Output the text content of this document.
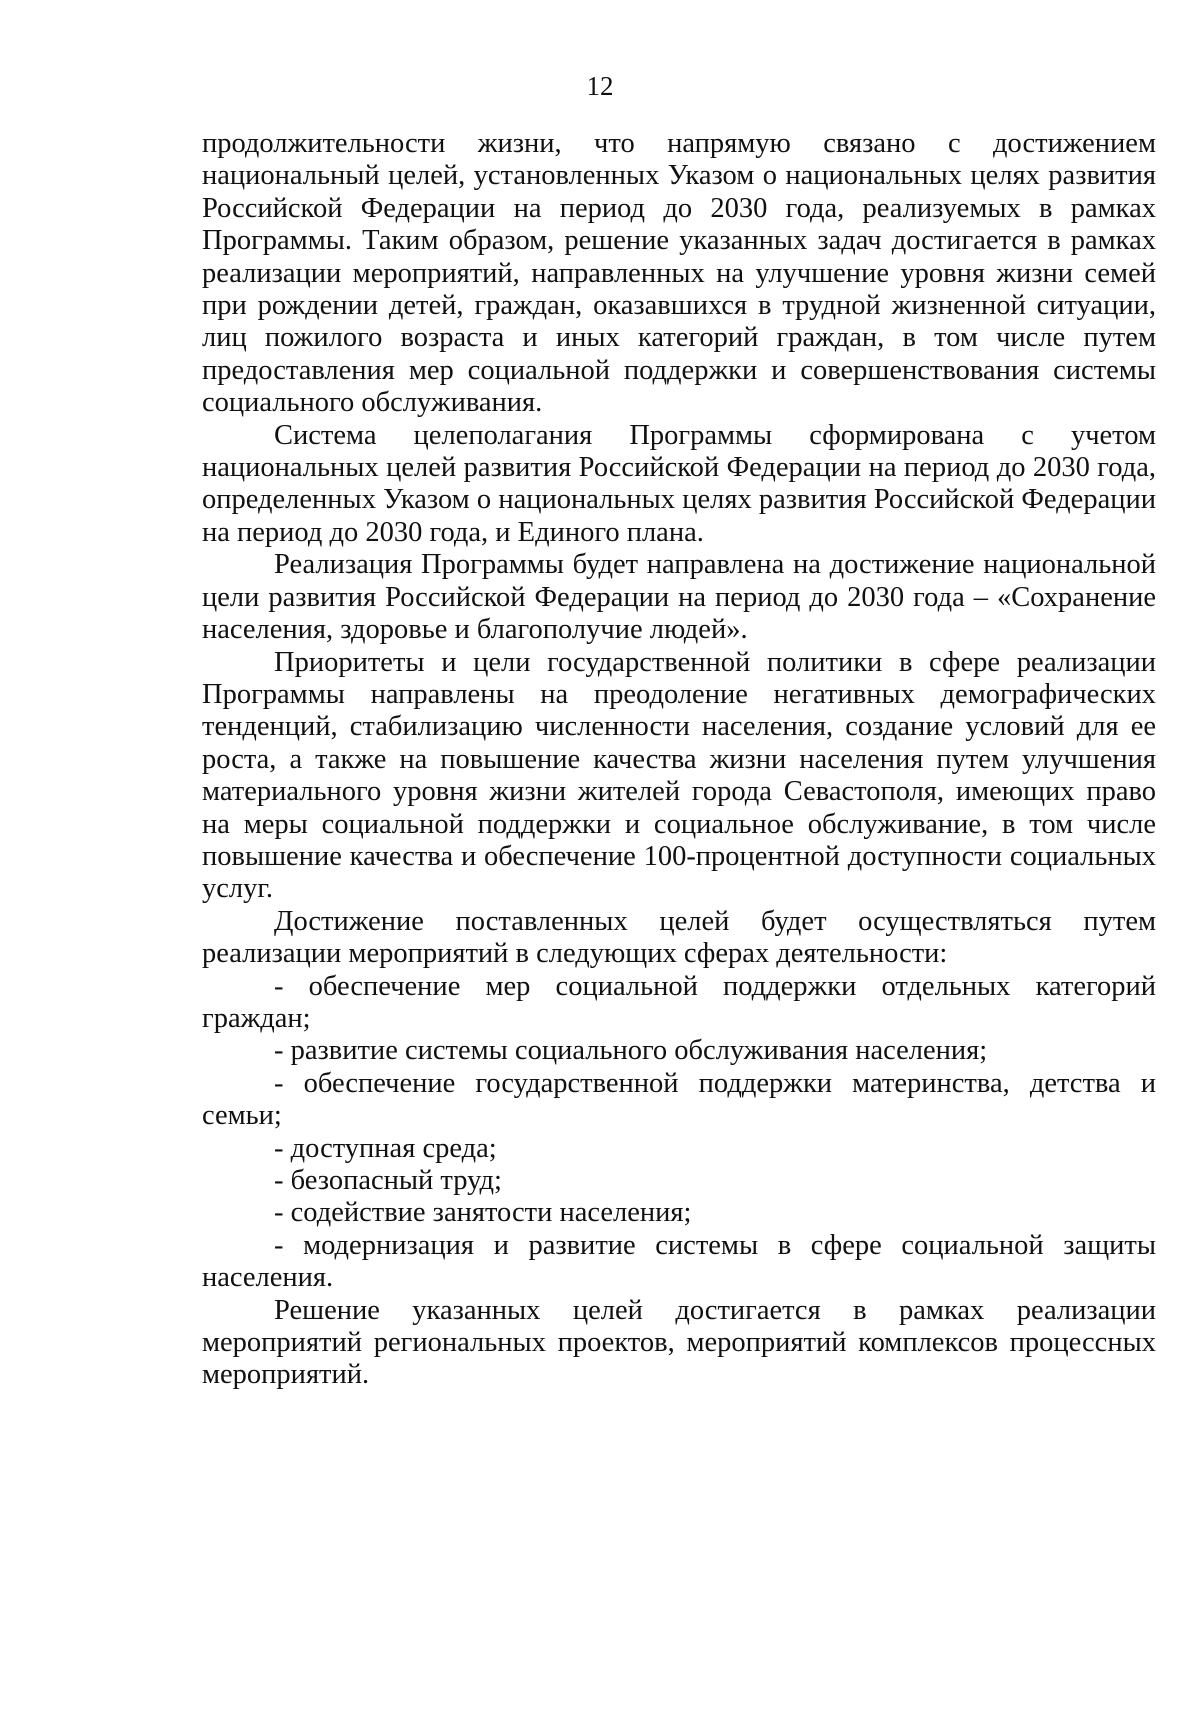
12

продолжительности жизни, что напрямую связано с достижением национальный целей, установленных Указом о национальных целях развития Российской Федерации на период до 2030 года, реализуемых в рамках Программы. Таким образом, решение указанных задач достигается в рамках реализации мероприятий, направленных на улучшение уровня жизни семей при рождении детей, граждан, оказавшихся в трудной жизненной ситуации, лиц пожилого возраста и иных категорий граждан, в том числе путем предоставления мер социальной поддержки и совершенствования системы социального обслуживания.

Система целеполагания Программы сформирована с учетом национальных целей развития Российской Федерации на период до 2030 года, определенных Указом о национальных целях развития Российской Федерации на период до 2030 года, и Единого плана.

Реализация Программы будет направлена на достижение национальной цели развития Российской Федерации на период до 2030 года – «Сохранение населения, здоровье и благополучие людей».

Приоритеты и цели государственной политики в сфере реализации Программы направлены на преодоление негативных демографических тенденций, стабилизацию численности населения, создание условий для ее роста, а также на повышение качества жизни населения путем улучшения материального уровня жизни жителей города Севастополя, имеющих право на меры социальной поддержки и социальное обслуживание, в том числе повышение качества и обеспечение 100-процентной доступности социальных услуг.

Достижение поставленных целей будет осуществляться путем реализации мероприятий в следующих сферах деятельности:

- обеспечение мер социальной поддержки отдельных категорий граждан;

- развитие системы социального обслуживания населения;

- обеспечение государственной поддержки материнства, детства и семьи;

- доступная среда;

- безопасный труд;

- содействие занятости населения;

- модернизация и развитие системы в сфере социальной защиты населения.

Решение указанных целей достигается в рамках реализации мероприятий региональных проектов, мероприятий комплексов процессных мероприятий.
